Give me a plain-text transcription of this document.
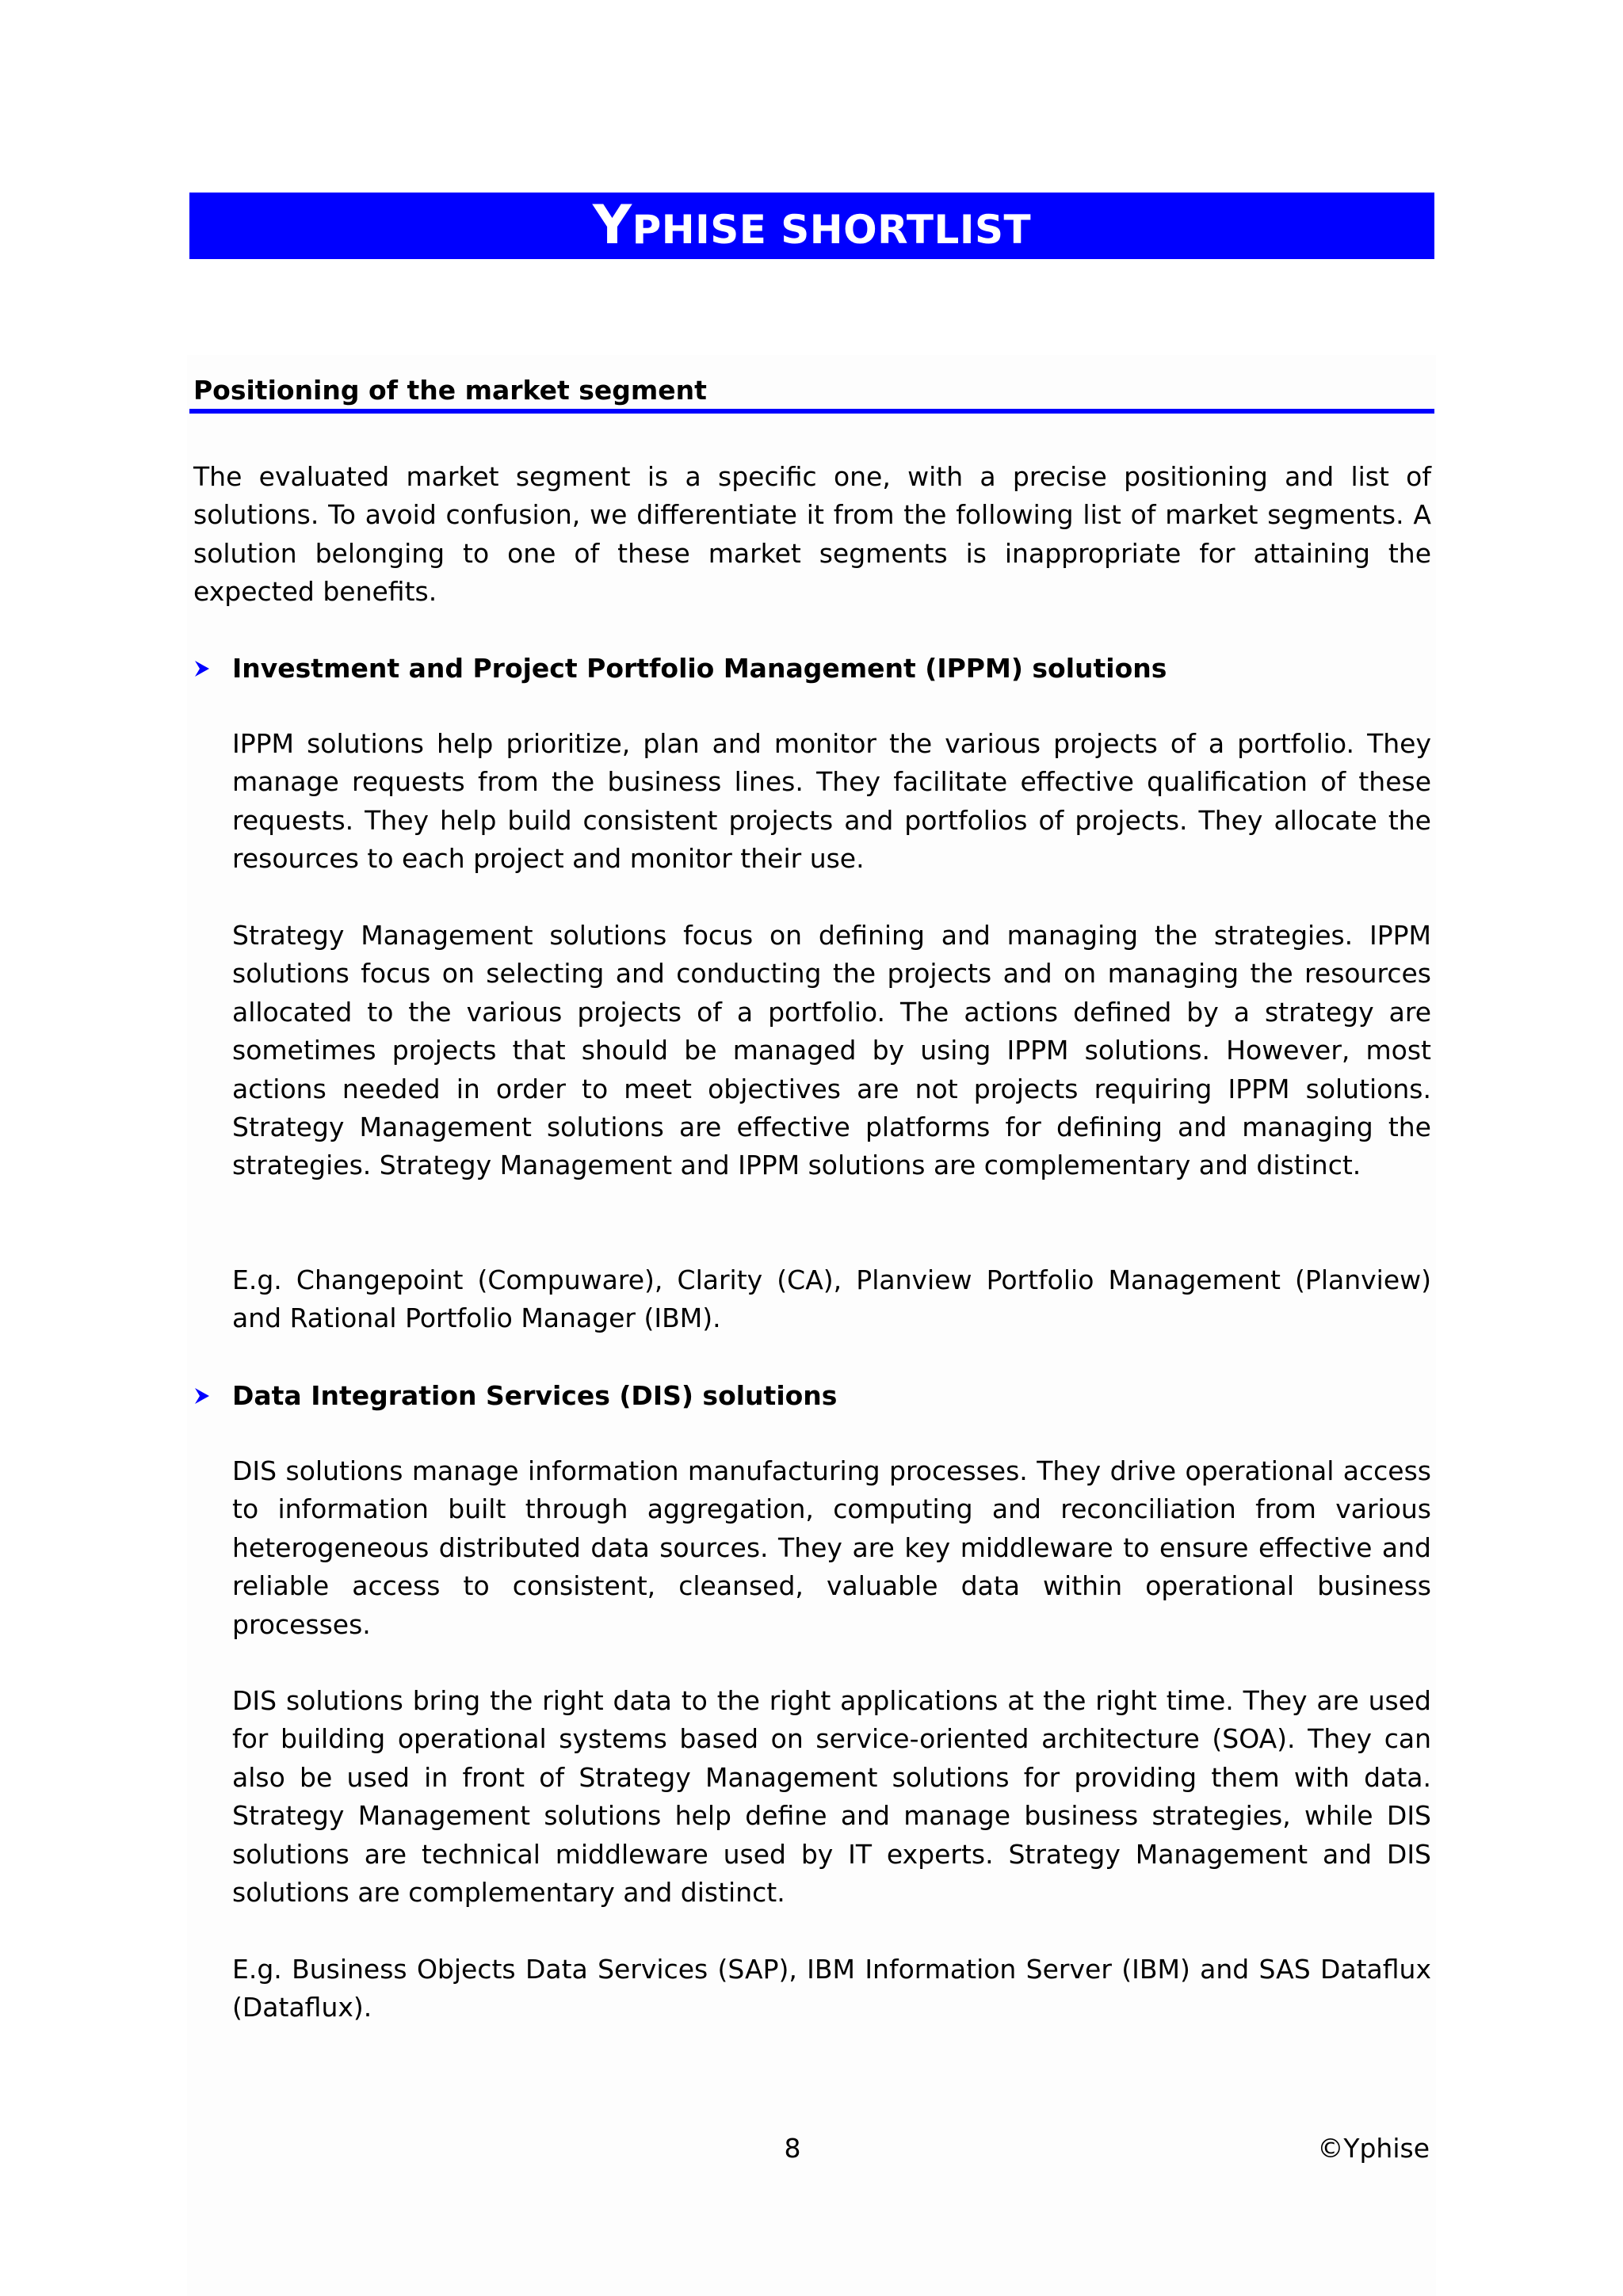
YPHISE SHORTLIST
Positioning of the market segment

The evaluated market segment is a specific one, with a precise positioning and list of solutions. To avoid confusion, we differentiate it from the following list of market segments. A solution belonging to one of these market segments is inappropriate for attaining the expected benefits.

Investment and Project Portfolio Management (IPPM) solutions

IPPM solutions help prioritize, plan and monitor the various projects of a portfolio. They manage requests from the business lines. They facilitate effective qualification of these requests. They help build consistent projects and portfolios of projects. They allocate the resources to each project and monitor their use.

Strategy Management solutions focus on defining and managing the strategies. IPPM solutions focus on selecting and conducting the projects and on managing the resources allocated to the various projects of a portfolio. The actions defined by a strategy are sometimes projects that should be managed by using IPPM solutions. However, most actions needed in order to meet objectives are not projects requiring IPPM solutions. Strategy Management solutions are effective platforms for defining and managing the strategies. Strategy Management and IPPM solutions are complementary and distinct.

E.g. Changepoint (Compuware), Clarity (CA), Planview Portfolio Management (Planview) and Rational Portfolio Manager (IBM).

Data Integration Services (DIS) solutions

DIS solutions manage information manufacturing processes. They drive operational access to information built through aggregation, computing and reconciliation from various heterogeneous distributed data sources. They are key middleware to ensure effective and reliable access to consistent, cleansed, valuable data within operational business processes.

DIS solutions bring the right data to the right applications at the right time. They are used for building operational systems based on service-oriented architecture (SOA). They can also be used in front of Strategy Management solutions for providing them with data. Strategy Management solutions help define and manage business strategies, while DIS solutions are technical middleware used by IT experts. Strategy Management and DIS solutions are complementary and distinct.

E.g. Business Objects Data Services (SAP), IBM Information Server (IBM) and SAS Dataflux (Dataflux).

8	©Yphise
